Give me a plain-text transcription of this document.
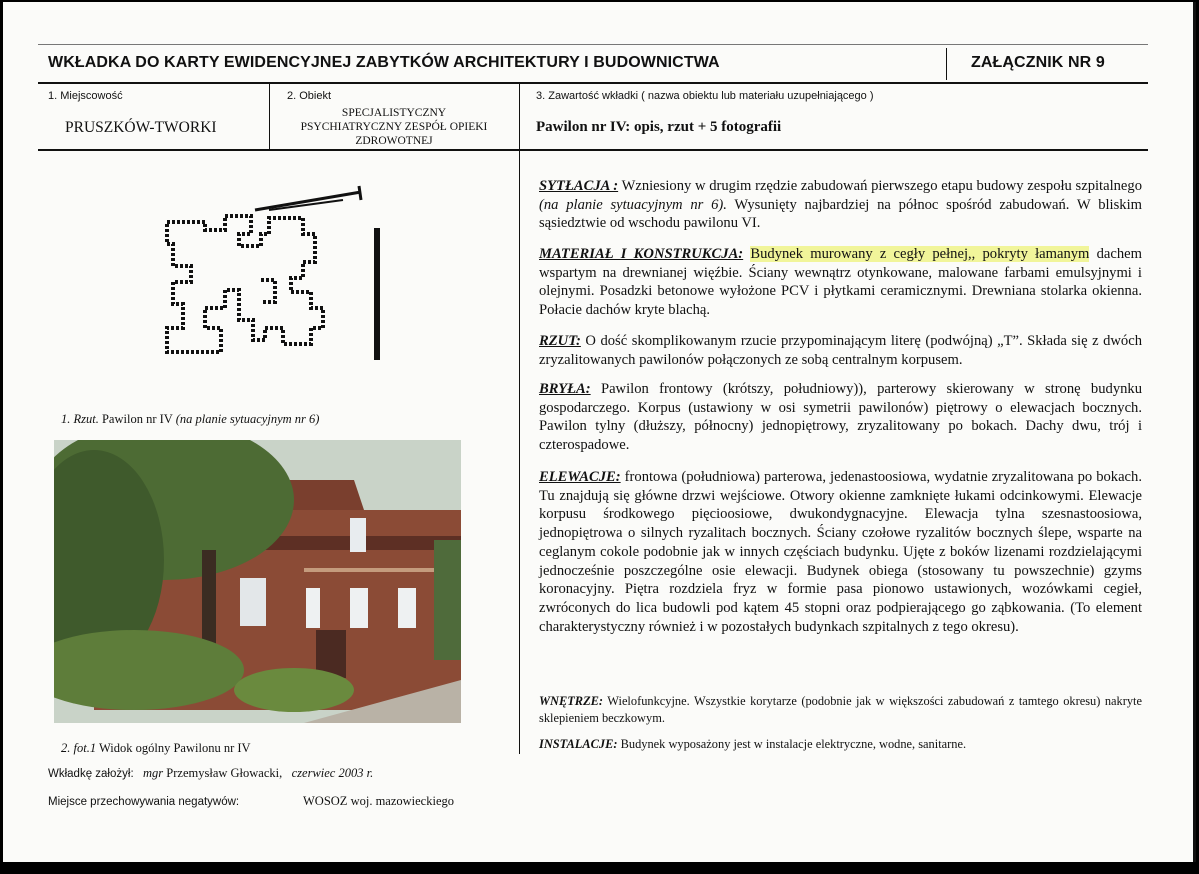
WKŁADKA DO KARTY EWIDENCYJNEJ ZABYTKÓW ARCHITEKTURY I BUDOWNICTWA	ZAŁĄCZNIK NR 9
1. Miejscowość
PRUSZKÓW-TWORKI
2. Obiekt
SPECJALISTYCZNY
PSYCHIATRYCZNY ZESPÓŁ OPIEKI
ZDROWOTNEJ
3. Zawartość wkładki ( nazwa obiektu lub materiału uzupełniającego )
Pawilon nr IV: opis, rzut + 5 fotografii
1. Rzut. Pawilon nr IV (na planie sytuacyjnym nr 6)
2. fot.1 Widok ogólny Pawilonu nr IV
Wkładkę założył: mgr Przemysław Głowacki, czerwiec 2003 r.
Miejsce przechowywania negatywów:	WOSOZ woj. mazowieckiego
SYTŁACJA : Wzniesiony w drugim rzędzie zabudowań pierwszego etapu budowy zespołu szpitalnego (na planie sytuacyjnym nr 6). Wysunięty najbardziej na północ spośród zabudowań. W bliskim sąsiedztwie od wschodu pawilonu VI.
MATERIAŁ I KONSTRUKCJA: Budynek murowany z cegły pełnej,, pokryty łamanym dachem wspartym na drewnianej więźbie. Ściany wewnątrz otynkowane, malowane farbami emulsyjnymi i olejnymi. Posadzki betonowe wyłożone PCV i płytkami ceramicznymi. Drewniana stolarka okienna. Połacie dachów kryte blachą.
RZUT: O dość skomplikowanym rzucie przypominającym literę (podwójną) „T”. Składa się z dwóch zryzalitowanych pawilonów połączonych ze sobą centralnym korpusem.
BRYŁA: Pawilon frontowy (krótszy, południowy)), parterowy skierowany w stronę budynku gospodarczego. Korpus (ustawiony w osi symetrii pawilonów) piętrowy o elewacjach bocznych. Pawilon tylny (dłuższy, północny) jednopiętrowy, zryzalitowany po bokach. Dachy dwu, trój i czterospadowe.
ELEWACJE: frontowa (południowa) parterowa, jedenastoosiowa, wydatnie zryzalitowana po bokach. Tu znajdują się główne drzwi wejściowe. Otwory okienne zamknięte łukami odcinkowymi. Elewacje korpusu środkowego pięcioosiowe, dwukondygnacyjne. Elewacja tylna szesnastoosiowa, jednopiętrowa o silnych ryzalitach bocznych. Ściany czołowe ryzalitów bocznych ślepe, wsparte na ceglanym cokole podobnie jak w innych częściach budynku. Ujęte z boków lizenami rozdzielającymi jednocześnie poszczególne osie elewacji. Budynek obiega (stosowany tu powszechnie) gzyms koronacyjny. Piętra rozdziela fryz w formie pasa pionowo ustawionych, wozówkami cegieł, zwróconych do lica budowli pod kątem 45 stopni oraz podpierającego go ząbkowania. (To element charakterystyczny również i w pozostałych budynkach szpitalnych z tego okresu).
WNĘTRZE: Wielofunkcyjne. Wszystkie korytarze (podobnie jak w większości zabudowań z tamtego okresu) nakryte sklepieniem beczkowym.
INSTALACJE: Budynek wyposażony jest w instalacje elektryczne, wodne, sanitarne.
